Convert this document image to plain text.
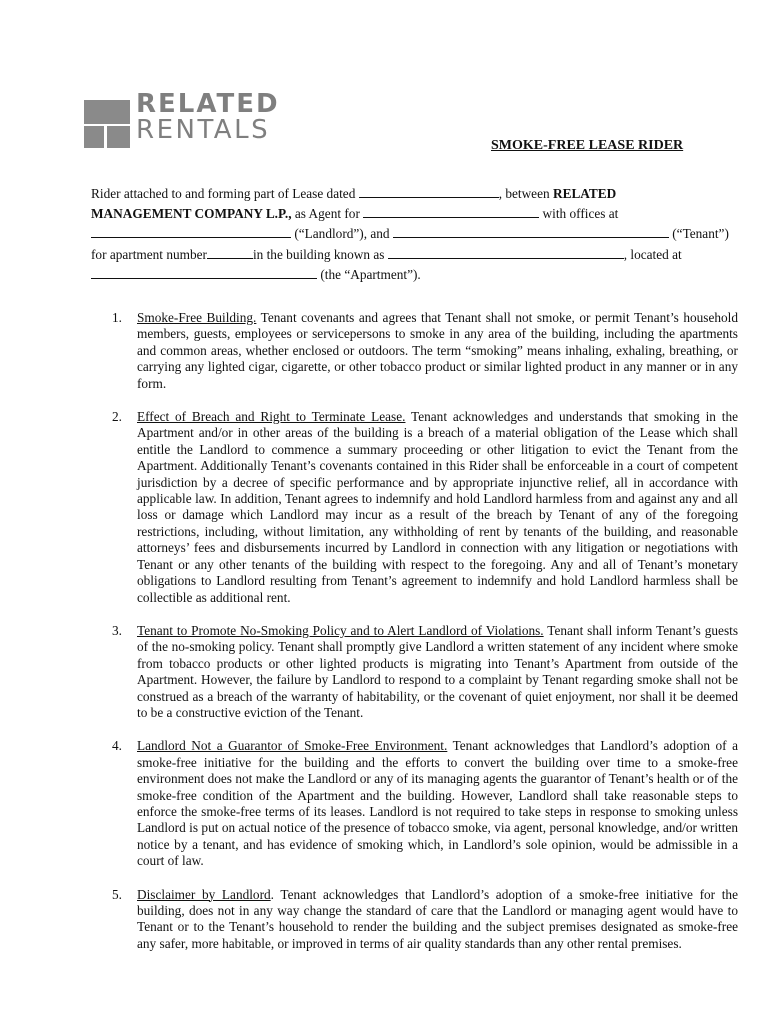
RELATED
RENTALS
SMOKE-FREE LEASE RIDER
Rider attached to and forming part of Lease dated	, between RELATED
MANAGEMENT COMPANY L.P., as Agent for	with offices at
(“Landlord”), and	(“Tenant”)
for apartment number	in the building known as	, located at
(the “Apartment”).
1. Smoke-Free Building. Tenant covenants and agrees that Tenant shall not smoke, or permit Tenant’s household members, guests, employees or servicepersons to smoke in any area of the building, including the apartments and common areas, whether enclosed or outdoors. The term “smoking” means inhaling, exhaling, breathing, or carrying any lighted cigar, cigarette, or other tobacco product or similar lighted product in any manner or in any form.
2. Effect of Breach and Right to Terminate Lease. Tenant acknowledges and understands that smoking in the Apartment and/or in other areas of the building is a breach of a material obligation of the Lease which shall entitle the Landlord to commence a summary proceeding or other litigation to evict the Tenant from the Apartment. Additionally Tenant’s covenants contained in this Rider shall be enforceable in a court of competent jurisdiction by a decree of specific performance and by appropriate injunctive relief, all in accordance with applicable law. In addition, Tenant agrees to indemnify and hold Landlord harmless from and against any and all loss or damage which Landlord may incur as a result of the breach by Tenant of any of the foregoing restrictions, including, without limitation, any withholding of rent by tenants of the building, and reasonable attorneys’ fees and disbursements incurred by Landlord in connection with any litigation or negotiations with Tenant or any other tenants of the building with respect to the foregoing. Any and all of Tenant’s monetary obligations to Landlord resulting from Tenant’s agreement to indemnify and hold Landlord harmless shall be collectible as additional rent.
3. Tenant to Promote No-Smoking Policy and to Alert Landlord of Violations. Tenant shall inform Tenant’s guests of the no-smoking policy. Tenant shall promptly give Landlord a written statement of any incident where smoke from tobacco products or other lighted products is migrating into Tenant’s Apartment from outside of the Apartment. However, the failure by Landlord to respond to a complaint by Tenant regarding smoke shall not be construed as a breach of the warranty of habitability, or the covenant of quiet enjoyment, nor shall it be deemed to be a constructive eviction of the Tenant.
4. Landlord Not a Guarantor of Smoke-Free Environment. Tenant acknowledges that Landlord’s adoption of a smoke-free initiative for the building and the efforts to convert the building over time to a smoke-free environment does not make the Landlord or any of its managing agents the guarantor of Tenant’s health or of the smoke-free condition of the Apartment and the building. However, Landlord shall take reasonable steps to enforce the smoke-free terms of its leases. Landlord is not required to take steps in response to smoking unless Landlord is put on actual notice of the presence of tobacco smoke, via agent, personal knowledge, and/or written notice by a tenant, and has evidence of smoking which, in Landlord’s sole opinion, would be admissible in a court of law.
5. Disclaimer by Landlord. Tenant acknowledges that Landlord’s adoption of a smoke-free initiative for the building, does not in any way change the standard of care that the Landlord or managing agent would have to Tenant or to the Tenant’s household to render the building and the subject premises designated as smoke-free any safer, more habitable, or improved in terms of air quality standards than any other rental premises.
